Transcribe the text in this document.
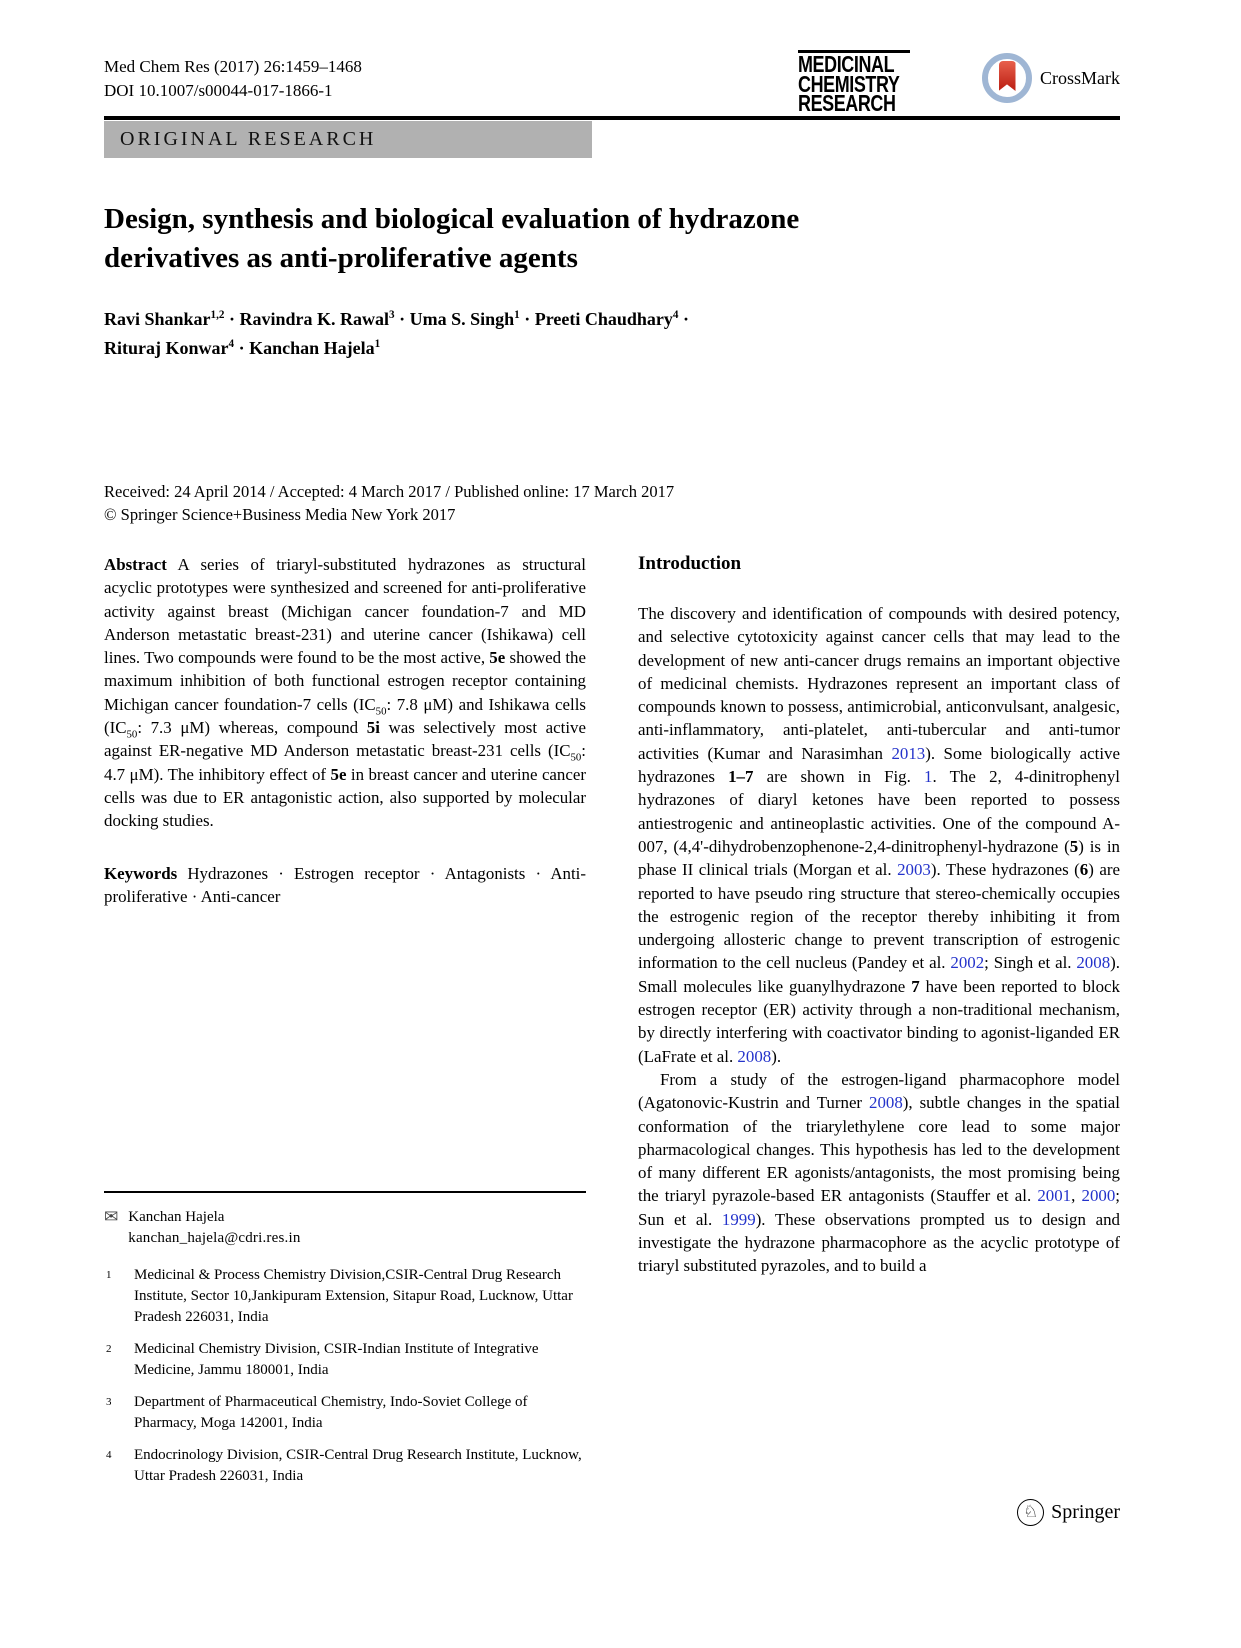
Med Chem Res (2017) 26:1459–1468
DOI 10.1007/s00044-017-1866-1
MEDICINAL
CHEMISTRY
RESEARCH
CrossMark
ORIGINAL RESEARCH
Design, synthesis and biological evaluation of hydrazone
derivatives as anti-proliferative agents
Ravi Shankar$^{1,2}$ · Ravindra K. Rawal$^3$ · Uma S. Singh$^1$ · Preeti Chaudhary$^4$ ·
Rituraj Konwar$^4$ · Kanchan Hajela$^1$
Received: 24 April 2014 / Accepted: 4 March 2017 / Published online: 17 March 2017
© Springer Science+Business Media New York 2017

Abstract A series of triaryl-substituted hydrazones as structural acyclic prototypes were synthesized and screened for anti-proliferative activity against breast (Michigan cancer foundation-7 and MD Anderson metastatic breast-231) and uterine cancer (Ishikawa) cell lines. Two compounds were found to be the most active, 5e showed the maximum inhibition of both functional estrogen receptor containing Michigan cancer foundation-7 cells ($IC_{50}$: 7.8 μM) and Ishikawa cells ($IC_{50}$: 7.3 μM) whereas, compound 5i was selectively most active against ER-negative MD Anderson metastatic breast-231 cells ($IC_{50}$: 4.7 μM). The inhibitory effect of 5e in breast cancer and uterine cancer cells was due to ER antagonistic action, also supported by molecular docking studies.

Keywords Hydrazones · Estrogen receptor · Antagonists · Anti-proliferative · Anti-cancer

Introduction

The discovery and identification of compounds with desired potency, and selective cytotoxicity against cancer cells that may lead to the development of new anti-cancer drugs remains an important objective of medicinal chemists. Hydrazones represent an important class of compounds known to possess, antimicrobial, anticonvulsant, analgesic, anti-inflammatory, anti-platelet, anti-tubercular and anti-tumor activities (Kumar and Narasimhan 2013). Some biologically active hydrazones 1–7 are shown in Fig. 1. The 2, 4-dinitrophenyl hydrazones of diaryl ketones have been reported to possess antiestrogenic and antineoplastic activities. One of the compound A-007, (4,4'-dihydrobenzophenone-2,4-dinitrophenyl-hydrazone (5) is in phase II clinical trials (Morgan et al. 2003). These hydrazones (6) are reported to have pseudo ring structure that stereo-chemically occupies the estrogenic region of the receptor thereby inhibiting it from undergoing allosteric change to prevent transcription of estrogenic information to the cell nucleus (Pandey et al. 2002; Singh et al. 2008). Small molecules like guanylhydrazone 7 have been reported to block estrogen receptor (ER) activity through a non-traditional mechanism, by directly interfering with coactivator binding to agonist-liganded ER (LaFrate et al. 2008).

From a study of the estrogen-ligand pharmacophore model (Agatonovic-Kustrin and Turner 2008), subtle changes in the spatial conformation of the triarylethylene core lead to some major pharmacological changes. This hypothesis has led to the development of many different ER agonists/antagonists, the most promising being the triaryl pyrazole-based ER antagonists (Stauffer et al. 2001, 2000; Sun et al. 1999). These observations prompted us to design and investigate the hydrazone pharmacophore as the acyclic prototype of triaryl substituted pyrazoles, and to build a

✉ Kanchan Hajela
kanchan_hajela@cdri.res.in
1	Medicinal & Process Chemistry Division,CSIR-Central Drug Research Institute, Sector 10,Jankipuram Extension, Sitapur Road, Lucknow, Uttar Pradesh 226031, India
2	Medicinal Chemistry Division, CSIR-Indian Institute of Integrative Medicine, Jammu 180001, India
3	Department of Pharmaceutical Chemistry, Indo-Soviet College of Pharmacy, Moga 142001, India
4	Endocrinology Division, CSIR-Central Drug Research Institute, Lucknow, Uttar Pradesh 226031, India
♘ Springer
